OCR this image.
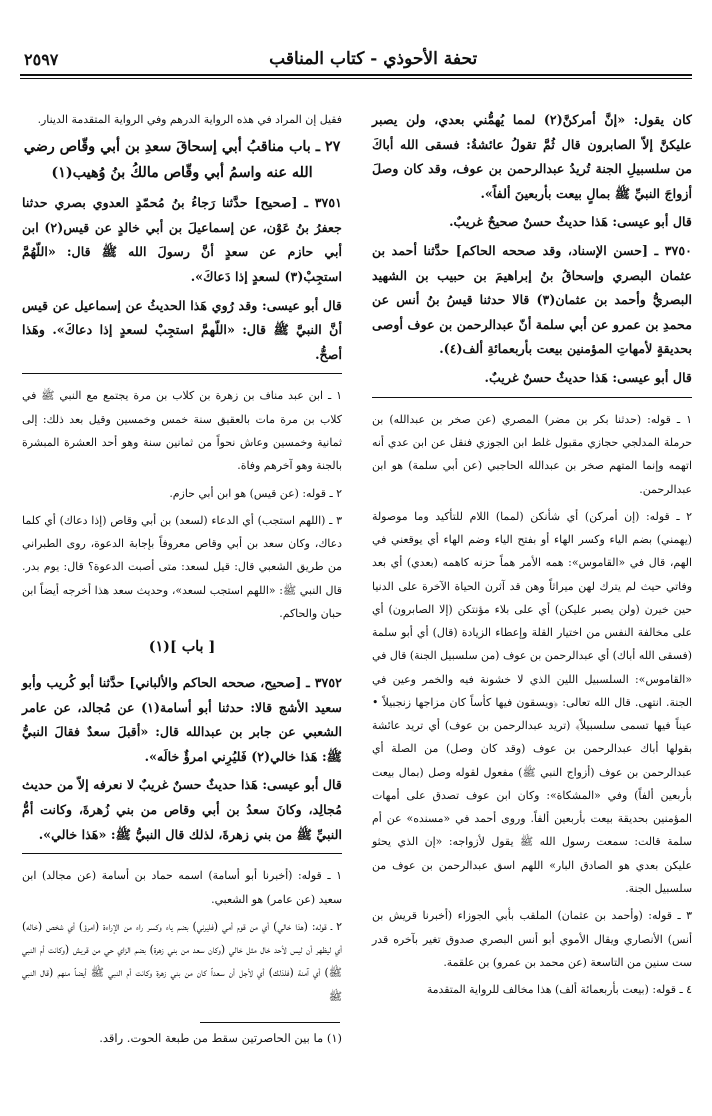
تحفة الأحوذي - كتاب المناقب
٢٥٩٧

كان يقول: «إنَّ أمركنَّ(٢) لمما يُهمُّني بعدي، ولن يصبر عليكنَّ إلاّ الصابرون قال ثُمَّ تقولُ عائشةُ: فسقى الله أباكَ من سلسبيلِ الجنة تُريدُ عبدالرحمن بن عوف، وقد كان وصلَ أزواجَ النبيِّ ﷺ بمالٍ بيعت بأربعينَ ألفاً».

قال أبو عيسى: هَذا حديثٌ حسنٌ صحيحٌ غريبٌ.

٣٧٥٠ ـ [حسن الإسناد، وقد صححه الحاكم] حدَّثنا أحمد بن عثمان البصري وإسحاقُ بنُ إبراهيمَ بن حبيب بن الشهيد البصريُّ وأحمد بن عثمان(٣) قالا حدثنا قيسُ بنُ أنس عن محمدِ بن عمرو عن أبي سلمة أنّ عبدالرحمن بن عوف أوصى بحديقةٍ لأمهاتِ المؤمنين بيعت بأربعمائةِ ألف(٤).

قال أبو عيسى: هَذا حديثٌ حسنٌ غريبٌ.

١ ـ قوله: (حدثنا بكر بن مضر) المصري (عن صخر بن عبدالله) بن حرملة المدلجي حجازي مقبول غلط ابن الجوزي فنقل عن ابن عدي أنه اتهمه وإنما المتهم صخر بن عبدالله الحاجبي (عن أبي سلمة) هو ابن عبدالرحمن.

٢ ـ قوله: (إن أمركن) أي شأنكن (لمما) اللام للتأكيد وما موصولة (يهمني) بضم الياء وكسر الهاء أو بفتح الياء وضم الهاء أي يوقعني في الهم، قال في «القاموس»: همه الأمر هماً حزنه كاهمه (بعدي) أي بعد وفاتي حيث لم يترك لهن ميراثاً وهن قد آثرن الحياة الآخرة على الدنيا حين خيرن (ولن يصبر عليكن) أي على بلاء مؤنتكن (إلا الصابرون) أي على مخالفة النفس من اختيار القلة وإعطاء الزيادة (قال) أي أبو سلمة (فسقى الله أباك) أي عبدالرحمن بن عوف (من سلسبيل الجنة) قال في «القاموس»: السلسبيل اللين الذي لا خشونة فيه والخمر وعين في الجنة. انتهى. قال الله تعالى: ﴿ويسقون فيها كأساً كان مزاجها زنجبيلاً • عيناً فيها تسمى سلسبيلاً﴾ (تريد عبدالرحمن بن عوف) أي تريد عائشة بقولها أباك عبدالرحمن بن عوف (وقد كان وصل) من الصلة أي عبدالرحمن بن عوف (أزواج النبي ﷺ) مفعول لقوله وصل (بمال بيعت بأربعين ألفاً) وفي «المشكاة»: وكان ابن عوف تصدق على أمهات المؤمنين بحديقة بيعت بأربعين ألفاً. وروى أحمد في «مسنده» عن أم سلمة قالت: سمعت رسول الله ﷺ يقول لأزواجه: «إن الذي يحثو عليكن بعدي هو الصادق البار» اللهم اسق عبدالرحمن بن عوف من سلسبيل الجنة.

٣ ـ قوله: (وأحمد بن عثمان) الملقب بأبي الجوزاء (أخبرنا قريش بن أنس) الأنصاري ويقال الأموي أبو أنس البصري صدوق تغير بآخره قدر ست سنين من التاسعة (عن محمد بن عمرو) بن علقمة.

٤ ـ قوله: (بيعت بأربعمائة ألف) هذا مخالف للرواية المتقدمة

فقيل إن المراد في هذه الرواية الدرهم وفي الرواية المتقدمة الدينار.

٢٧ ـ باب مناقبُ أبي إسحاقَ سعدِ بن أبي وقّاص رضي الله عنه واسمُ أبي وقّاص مالكُ بنُ وُهيب(١)

٣٧٥١ ـ [صحيح] حدَّثنا رَجاءُ بنُ مُحمّدٍ العدوي بصري حدثنا جعفرُ بنُ عَوْن، عن إسماعيلَ بن أبي خالدٍ عن قيس(٢) ابن أبي حازم عن سعدٍ أنَّ رسولَ الله ﷺ قال: «اللّهُمَّ استجِبْ(٣) لسعدٍ إذا دَعاكَ».

قال أبو عيسى: وقد رُوي هَذا الحديثُ عن إسماعيل عن قيس أنَّ النبيَّ ﷺ قال: «اللّهمَّ استجِبْ لسعدٍ إذا دعاكَ». وهَذا أصحُّ.

١ ـ ابن عبد مناف بن زهرة بن كلاب بن مرة يجتمع مع النبي ﷺ في كلاب بن مرة مات بالعقيق سنة خمس وخمسين وقيل بعد ذلك: إلى ثمانية وخمسين وعاش نحواً من ثمانين سنة وهو أحد العشرة المبشرة بالجنة وهو آخرهم وفاة.

٢ ـ قوله: (عن قيس) هو ابن أبي حازم.

٣ ـ (اللهم استجب) أي الدعاء (لسعد) بن أبي وقاص (إذا دعاك) أي كلما دعاك، وكان سعد بن أبي وقاص معروفاً بإجابة الدعوة، روى الطبراني من طريق الشعبي قال: قيل لسعد: متى أصبت الدعوة؟ قال: يوم بدر. قال النبي ﷺ: «اللهم استجب لسعد»، وحديث سعد هذا أخرجه أيضاً ابن حبان والحاكم.

[ باب ](١)

٣٧٥٢ ـ [صحيح، صححه الحاكم والألباني] حدَّثنا أبو كُريب وأبو سعيد الأشج قالا: حدثنا أبو أسامة(١) عن مُجالد، عن عامر الشعبي عن جابر بن عبدالله قال: «أقبلَ سعدٌ فقالَ النبيُّ ﷺ: هَذا خالي(٢) فَليُرِني امرؤٌ خالَه».

قال أبو عيسى: هَذا حديثٌ حسنٌ غريبٌ لا نعرفه إلاّ من حديث مُجالِد، وكانَ سعدُ بن أبي وقاص من بني زُهرةَ، وكانت أمُّ النبيِّ ﷺ من بني زهرةَ، لذلك قال النبيُّ ﷺ: «هَذا خالي».

١ ـ قوله: (أخبرنا أبو أسامة) اسمه حماد بن أسامة (عن مجالد) ابن سعيد (عن عامر) هو الشعبي.

٢ ـ قوله: (هذا خالي) أي من قوم أمي (فليرني) بضم ياء وكسر راء من الإراءة (امرؤ) أي شخص (خاله) أي ليظهر أن ليس لأحد خال مثل خالي (وكان سعد من بني زهرة) بضم الزاي حي من قريش (وكانت أم النبي ﷺ) أي آمنة (فلذلك) أي لأجل أن سعداً كان من بني زهرة وكانت أم النبي ﷺ أيضاً منهم (قال النبي ﷺ

(١) ما بين الحاصرتين سقط من طبعة الحوت. راقد.
